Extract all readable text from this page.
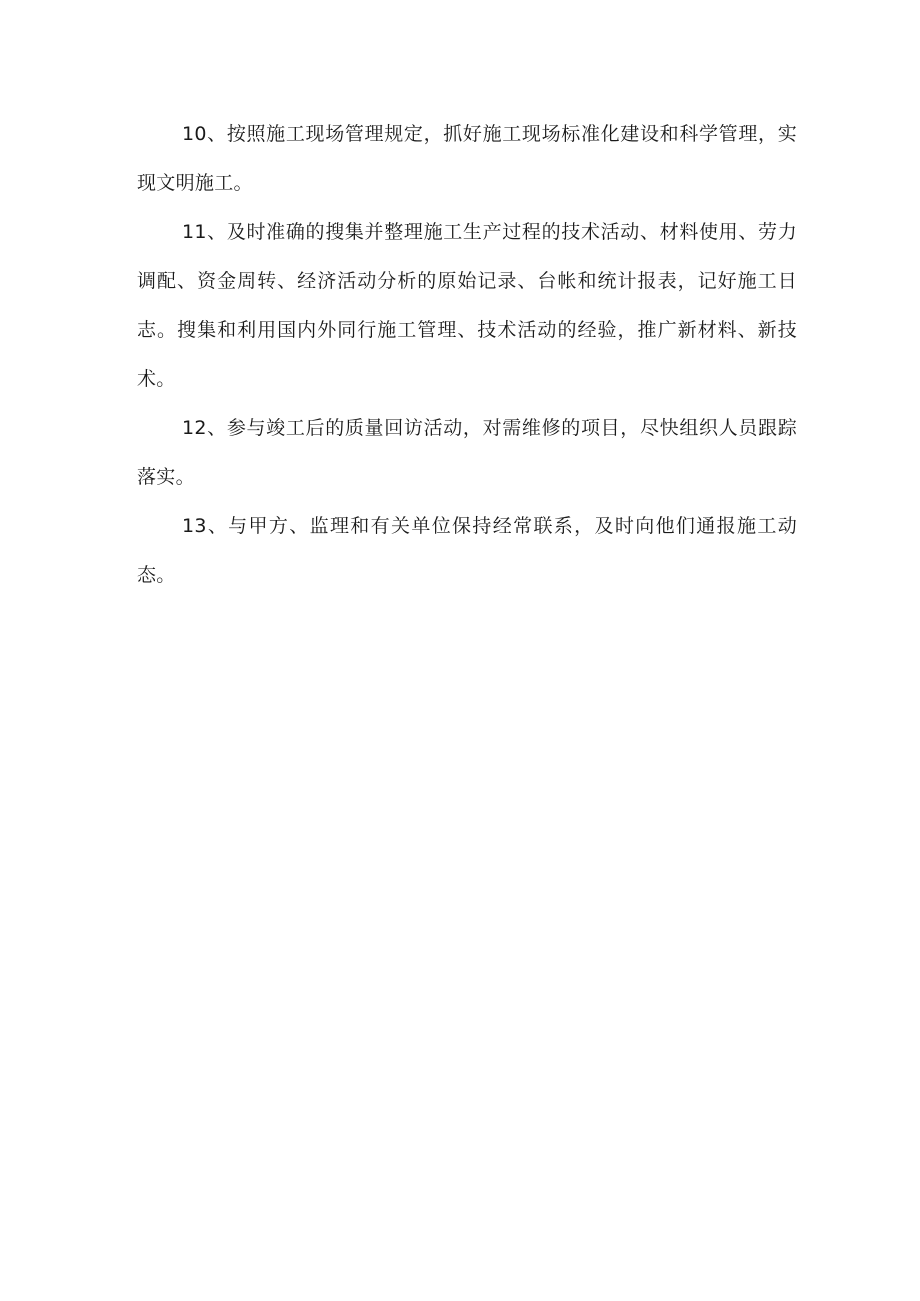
10、按照施工现场管理规定，抓好施工现场标准化建设和科学管理，实现文明施工。

11、及时准确的搜集并整理施工生产过程的技术活动、材料使用、劳力调配、资金周转、经济活动分析的原始记录、台帐和统计报表，记好施工日志。搜集和利用国内外同行施工管理、技术活动的经验，推广新材料、新技术。

12、参与竣工后的质量回访活动，对需维修的项目，尽快组织人员跟踪落实。

13、与甲方、监理和有关单位保持经常联系，及时向他们通报施工动态。
